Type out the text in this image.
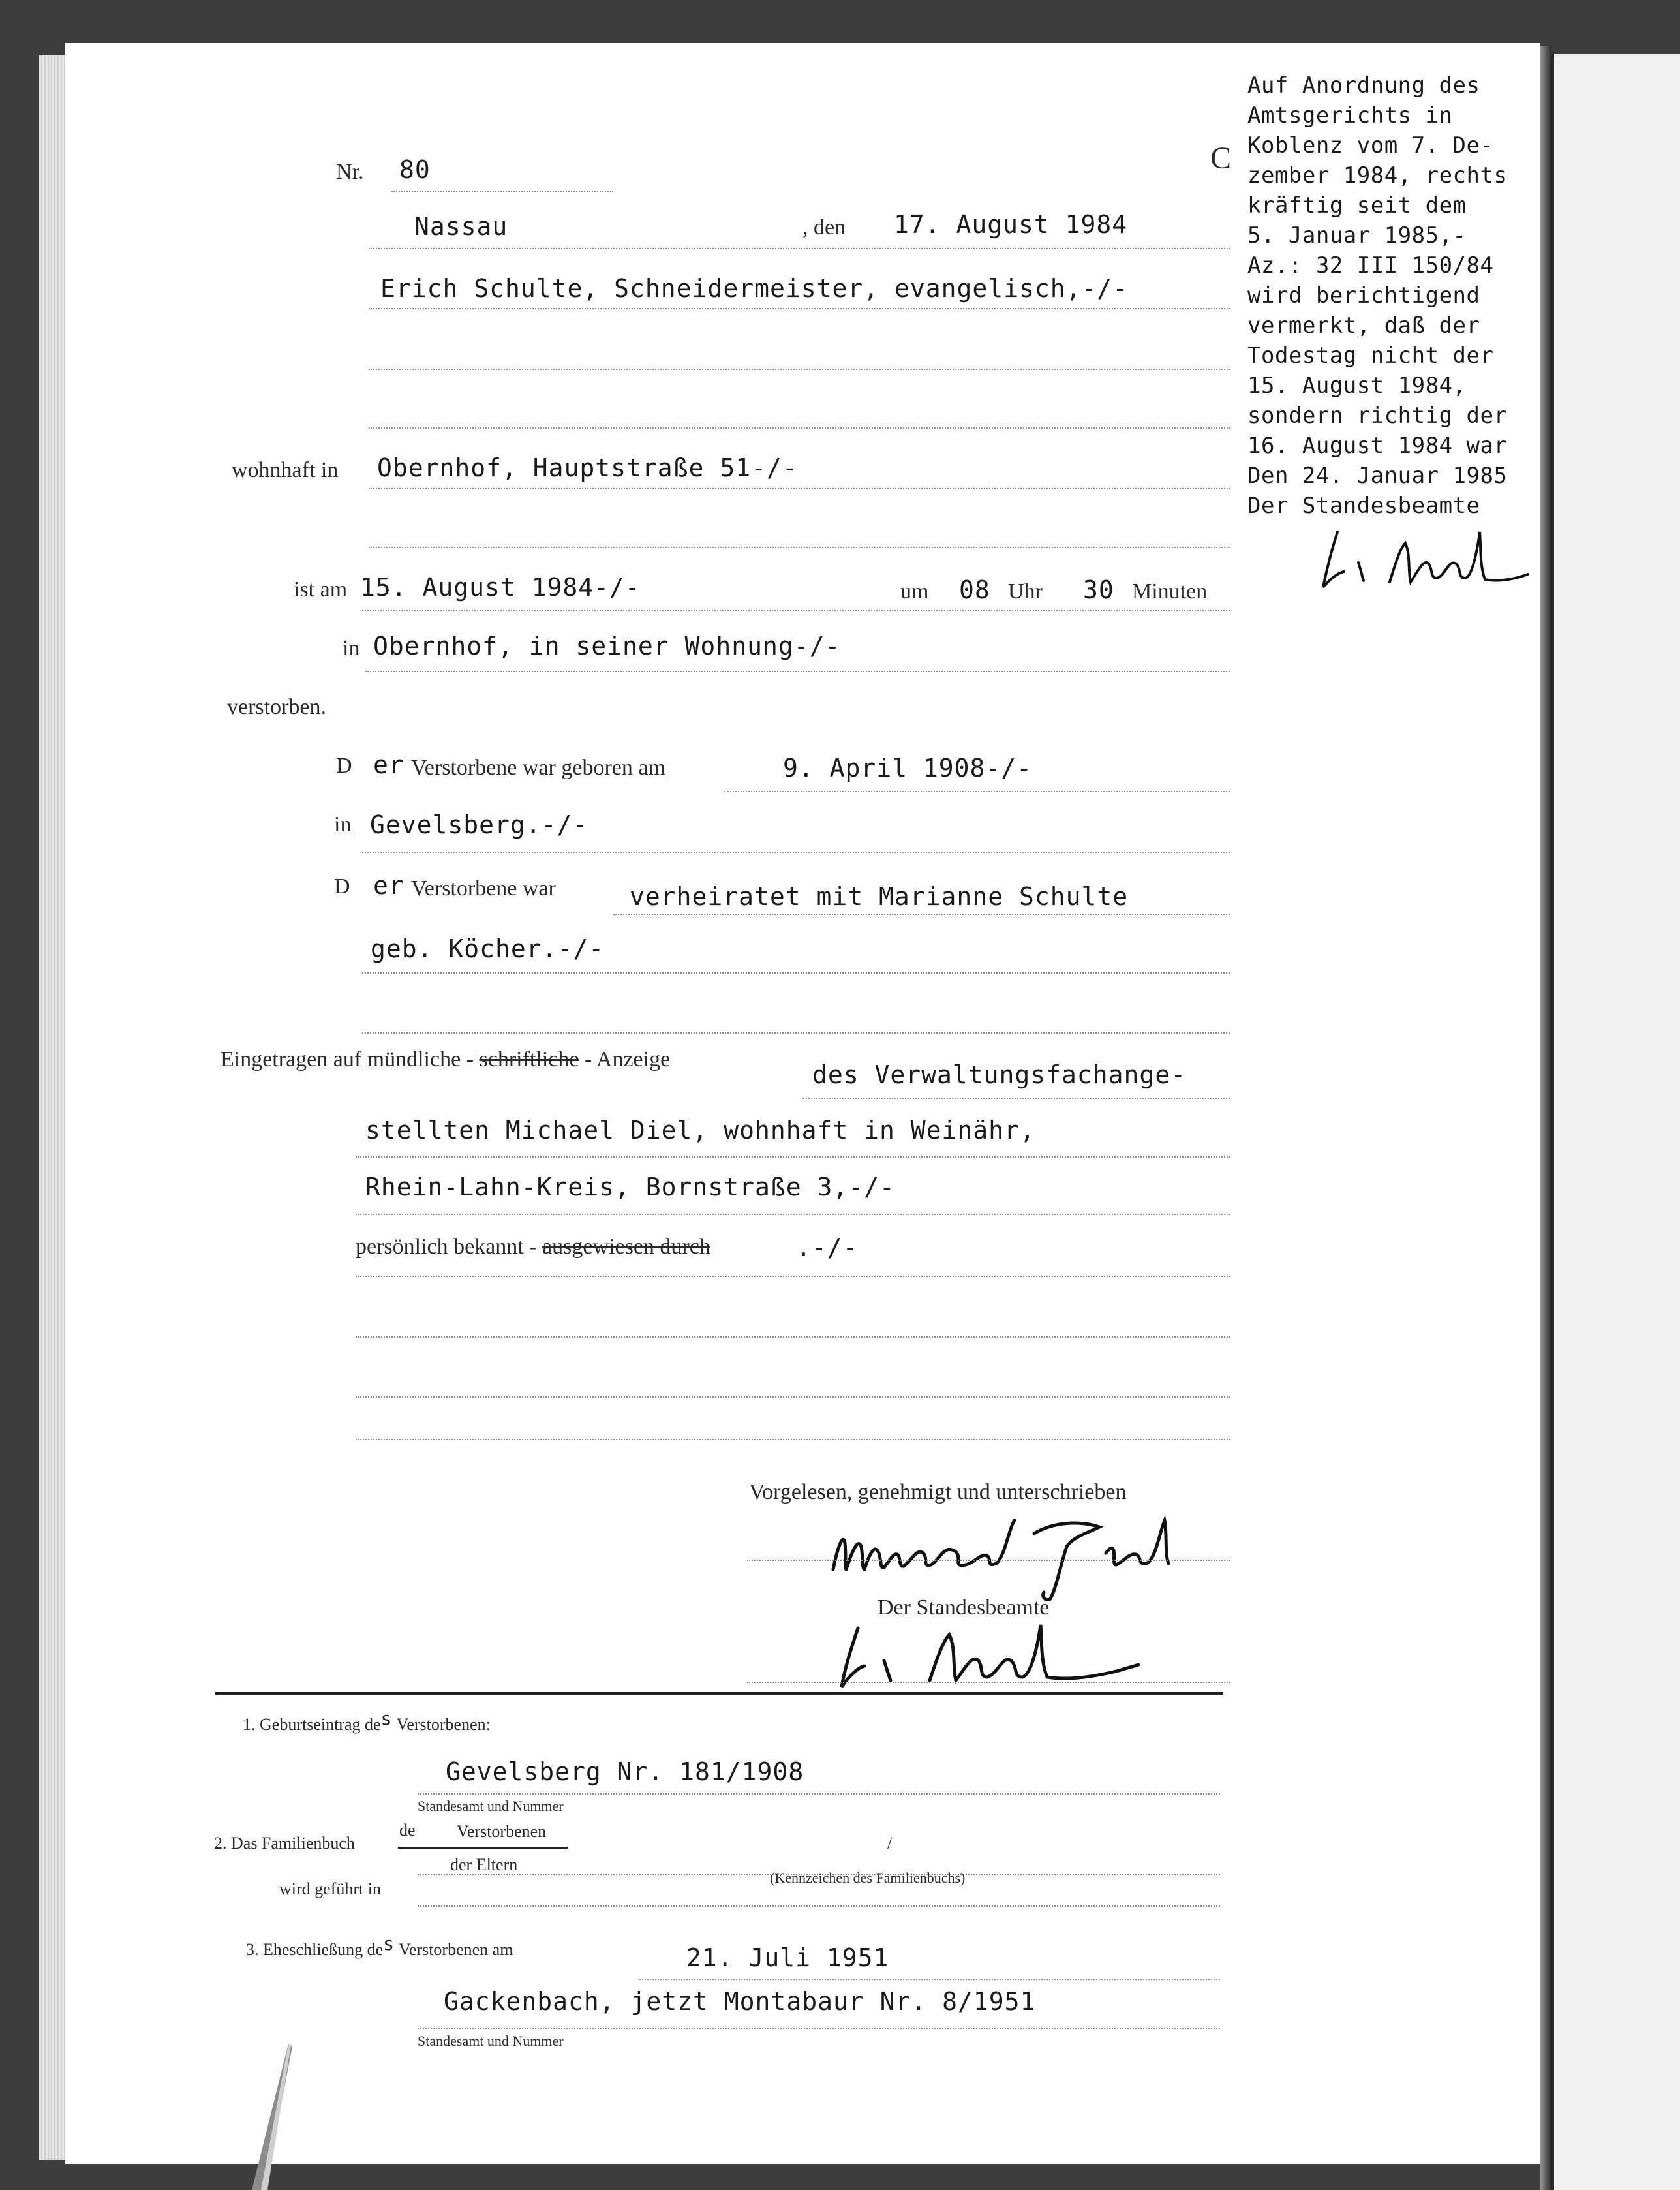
Nr. 80	C
Nassau	, den 17. August 1984
Erich Schulte, Schneidermeister, evangelisch,-/-
wohnhaft in Obernhof, Hauptstraße 51-/-
ist am 15. August 1984-/-	um 08 Uhr 30 Minuten
in Obernhof, in seiner Wohnung-/-
verstorben.
D er Verstorbene war geboren am	9. April 1908-/-
in Gevelsberg.-/-
D er Verstorbene war	verheiratet mit Marianne Schulte
geb. Köcher.-/-
Eingetragen auf mündliche - schriftliche - Anzeige
des Verwaltungsfachange-
stellten Michael Diel, wohnhaft in Weinähr,
Rhein-Lahn-Kreis, Bornstraße 3,-/-
persönlich bekannt - ausgewiesen durch	.-/-
Vorgelesen, genehmigt und unterschrieben
Der Standesbeamte
Auf Anordnung des
Amtsgerichts in
Koblenz vom 7. De-
zember 1984, rechts
kräftig seit dem
5. Januar 1985,-
Az.: 32 III 150/84
wird berichtigend
vermerkt, daß der
Todestag nicht der
15. August 1984,
sondern richtig der
16. August 1984 war
Den 24. Januar 1985
Der Standesbeamte
1. Geburtseintrag des Verstorbenen:
Gevelsberg Nr. 181/1908
Standesamt und Nummer
2. Das Familienbuch
de Verstorbenen
der Eltern
/
(Kennzeichen des Familienbuchs)
wird geführt in
3. Eheschließung des Verstorbenen am	21. Juli 1951
Gackenbach, jetzt Montabaur Nr. 8/1951
Standesamt und Nummer
